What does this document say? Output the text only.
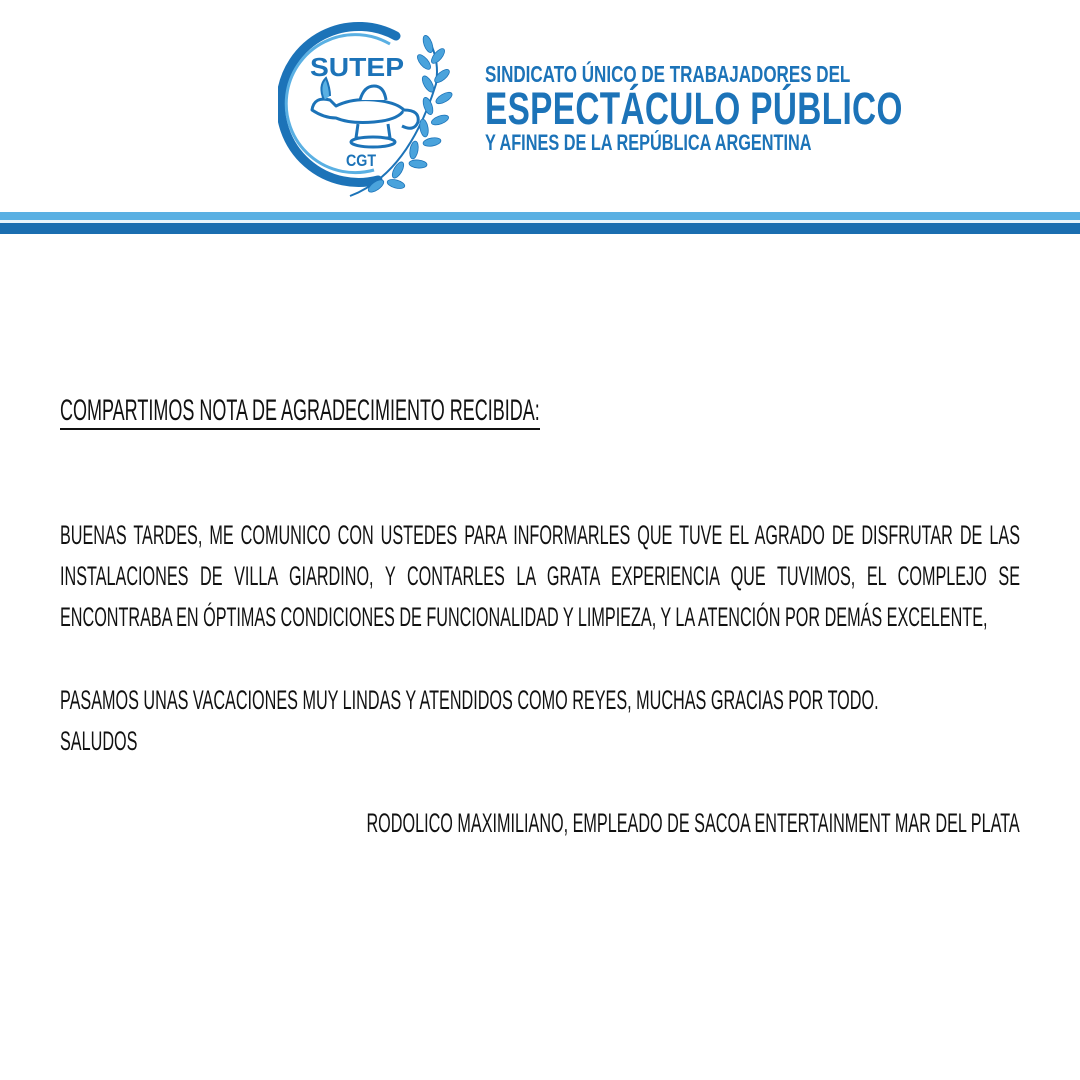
SUTEP
CGT
SINDICATO ÚNICO DE TRABAJADORES DEL
ESPECTÁCULO PÚBLICO
Y AFINES DE LA REPÚBLICA ARGENTINA
COMPARTIMOS NOTA DE AGRADECIMIENTO RECIBIDA:
BUENAS TARDES, ME COMUNICO CON USTEDES PARA INFORMARLES QUE TUVE EL AGRADO DE DISFRUTAR DE LAS INSTALACIONES DE VILLA GIARDINO, Y CONTARLES LA GRATA EXPERIENCIA QUE TUVIMOS, EL COMPLEJO SE ENCONTRABA EN ÓPTIMAS CONDICIONES DE FUNCIONALIDAD Y LIMPIEZA, Y LA ATENCIÓN POR DEMÁS EXCELENTE,
PASAMOS UNAS VACACIONES MUY LINDAS Y ATENDIDOS COMO REYES, MUCHAS GRACIAS POR TODO.
SALUDOS
RODOLICO MAXIMILIANO, EMPLEADO DE SACOA ENTERTAINMENT MAR DEL PLATA
